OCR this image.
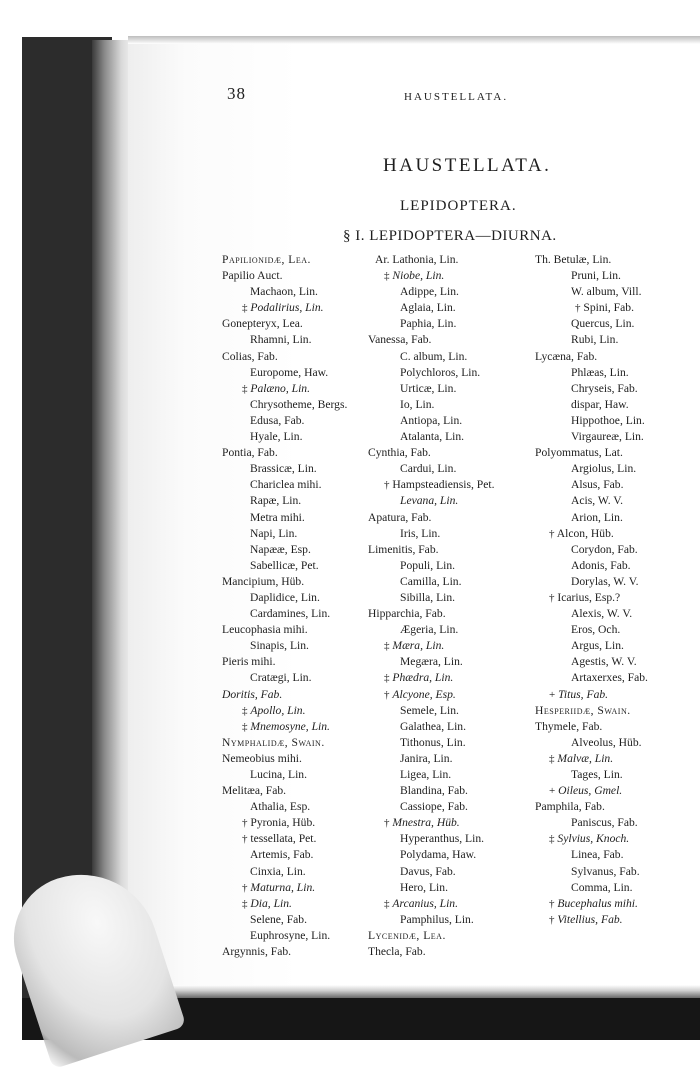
38	HAUSTELLATA.
HAUSTELLATA.
LEPIDOPTERA.
§ I. LEPIDOPTERA—DIURNA.
Papilionidæ, Lea.
Papilio Auct.
Machaon, Lin.
‡ Podalirius, Lin.
Gonepteryx, Lea.
Rhamni, Lin.
Colias, Fab.
Europome, Haw.
‡ Palæno, Lin.
Chrysotheme, Bergs.
Edusa, Fab.
Hyale, Lin.
Pontia, Fab.
Brassicæ, Lin.
Chariclea mihi.
Rapæ, Lin.
Metra mihi.
Napi, Lin.
Napææ, Esp.
Sabellicæ, Pet.
Mancipium, Hüb.
Daplidice, Lin.
Cardamines, Lin.
Leucophasia mihi.
Sinapis, Lin.
Pieris mihi.
Cratægi, Lin.
Doritis, Fab.
‡ Apollo, Lin.
‡ Mnemosyne, Lin.
Nymphalidæ, Swain.
Nemeobius mihi.
Lucina, Lin.
Melitæa, Fab.
Athalia, Esp.
† Pyronia, Hüb.
† tessellata, Pet.
Artemis, Fab.
Cinxia, Lin.
† Maturna, Lin.
‡ Dia, Lin.
Selene, Fab.
Euphrosyne, Lin.
Argynnis, Fab.
Ar. Lathonia, Lin.
‡ Niobe, Lin.
Adippe, Lin.
Aglaia, Lin.
Paphia, Lin.
Vanessa, Fab.
C. album, Lin.
Polychloros, Lin.
Urticæ, Lin.
Io, Lin.
Antiopa, Lin.
Atalanta, Lin.
Cynthia, Fab.
Cardui, Lin.
† Hampsteadiensis, Pet.
Levana, Lin.
Apatura, Fab.
Iris, Lin.
Limenitis, Fab.
Populi, Lin.
Camilla, Lin.
Sibilla, Lin.
Hipparchia, Fab.
Ægeria, Lin.
‡ Mæra, Lin.
Megæra, Lin.
‡ Phædra, Lin.
† Alcyone, Esp.
Semele, Lin.
Galathea, Lin.
Tithonus, Lin.
Janira, Lin.
Ligea, Lin.
Blandina, Fab.
Cassiope, Fab.
† Mnestra, Hüb.
Hyperanthus, Lin.
Polydama, Haw.
Davus, Fab.
Hero, Lin.
‡ Arcanius, Lin.
Pamphilus, Lin.
Lycenidæ, Lea.
Thecla, Fab.
Th. Betulæ, Lin.
Pruni, Lin.
W. album, Vill.
† Spini, Fab.
Quercus, Lin.
Rubi, Lin.
Lycæna, Fab.
Phlæas, Lin.
Chryseis, Fab.
dispar, Haw.
Hippothoe, Lin.
Virgaureæ, Lin.
Polyommatus, Lat.
Argiolus, Lin.
Alsus, Fab.
Acis, W. V.
Arion, Lin.
† Alcon, Hüb.
Corydon, Fab.
Adonis, Fab.
Dorylas, W. V.
† Icarius, Esp.?
Alexis, W. V.
Eros, Och.
Argus, Lin.
Agestis, W. V.
Artaxerxes, Fab.
+ Titus, Fab.
Hesperiidæ, Swain.
Thymele, Fab.
Alveolus, Hüb.
‡ Malvæ, Lin.
Tages, Lin.
+ Oileus, Gmel.
Pamphila, Fab.
Paniscus, Fab.
‡ Sylvius, Knoch.
Linea, Fab.
Sylvanus, Fab.
Comma, Lin.
† Bucephalus mihi.
† Vitellius, Fab.
